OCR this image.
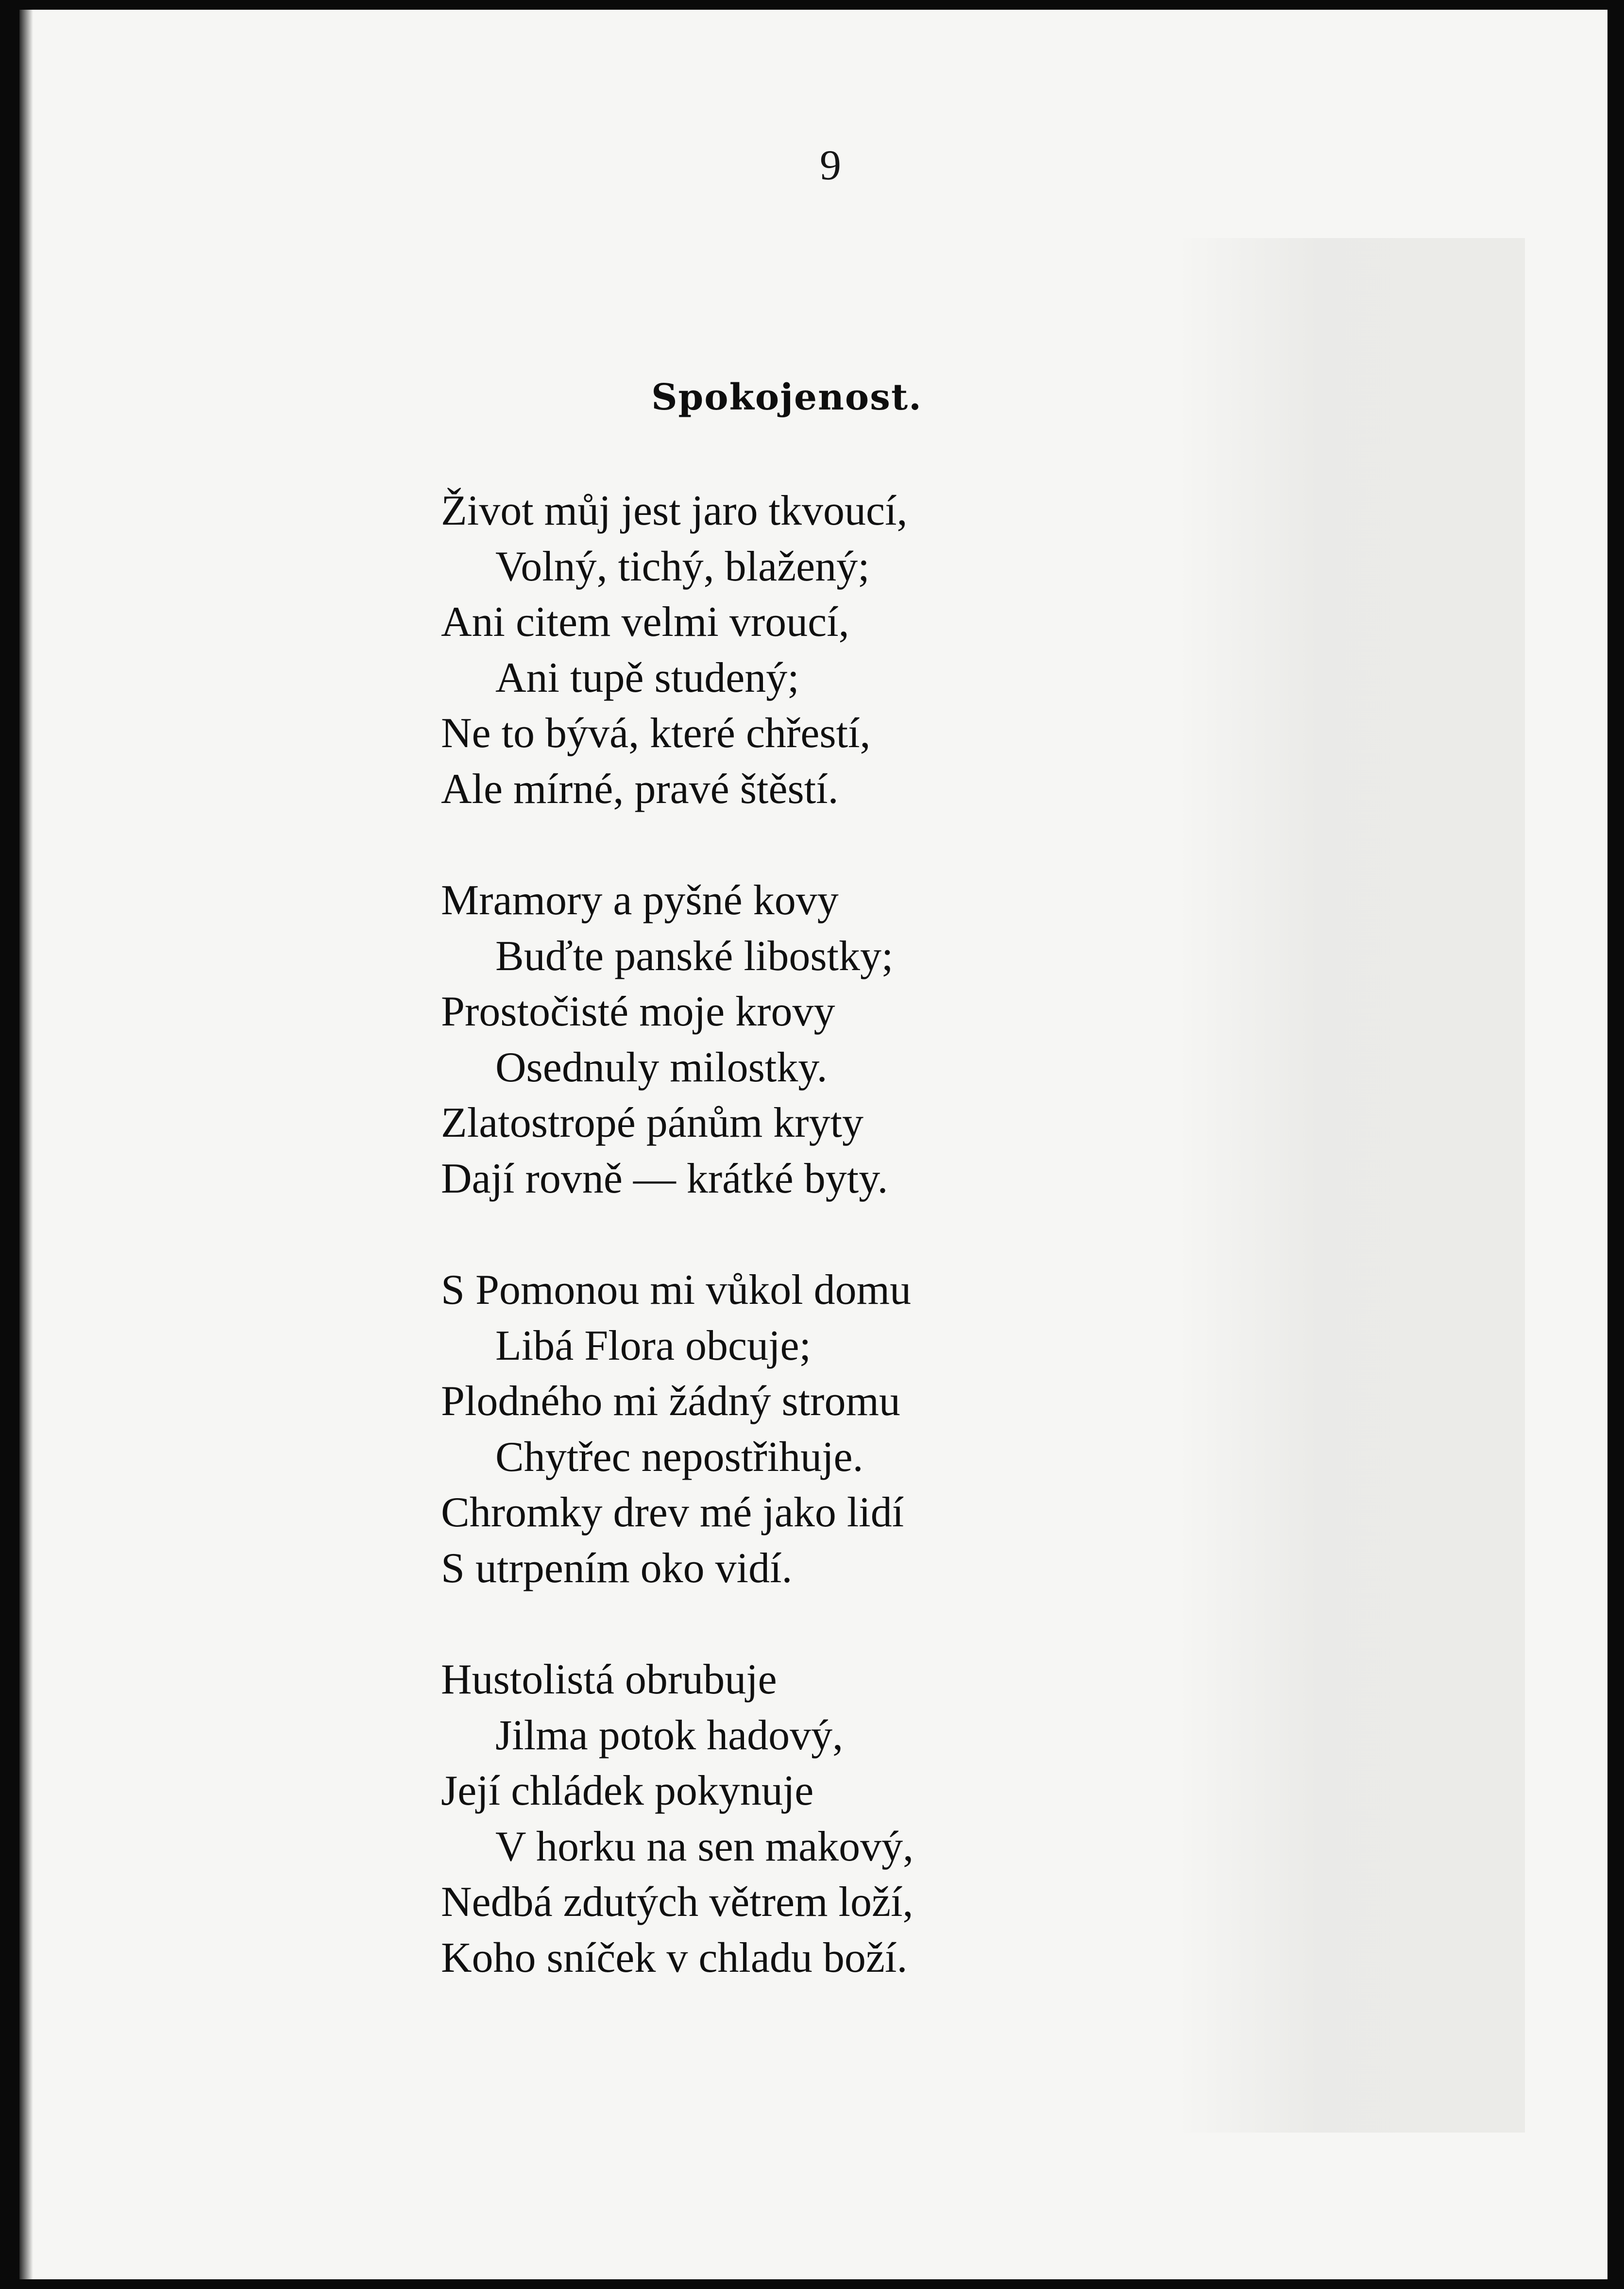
9
Spokojenost.
Život můj jest jaro tkvoucí,
Volný, tichý, blažený;
Ani citem velmi vroucí,
Ani tupě studený;
Ne to bývá, které chřestí,
Ale mírné, pravé štěstí.
Mramory a pyšné kovy
Buďte panské libostky;
Prostočisté moje krovy
Osednuly milostky.
Zlatostropé pánům kryty
Dají rovně — krátké byty.
S Pomonou mi vůkol domu
Libá Flora obcuje;
Plodného mi žádný stromu
Chytřec nepostřihuje.
Chromky drev mé jako lidí
S utrpením oko vidí.
Hustolistá obrubuje
Jilma potok hadový,
Její chládek pokynuje
V horku na sen makový,
Nedbá zdutých větrem loží,
Koho sníček v chladu boží.
